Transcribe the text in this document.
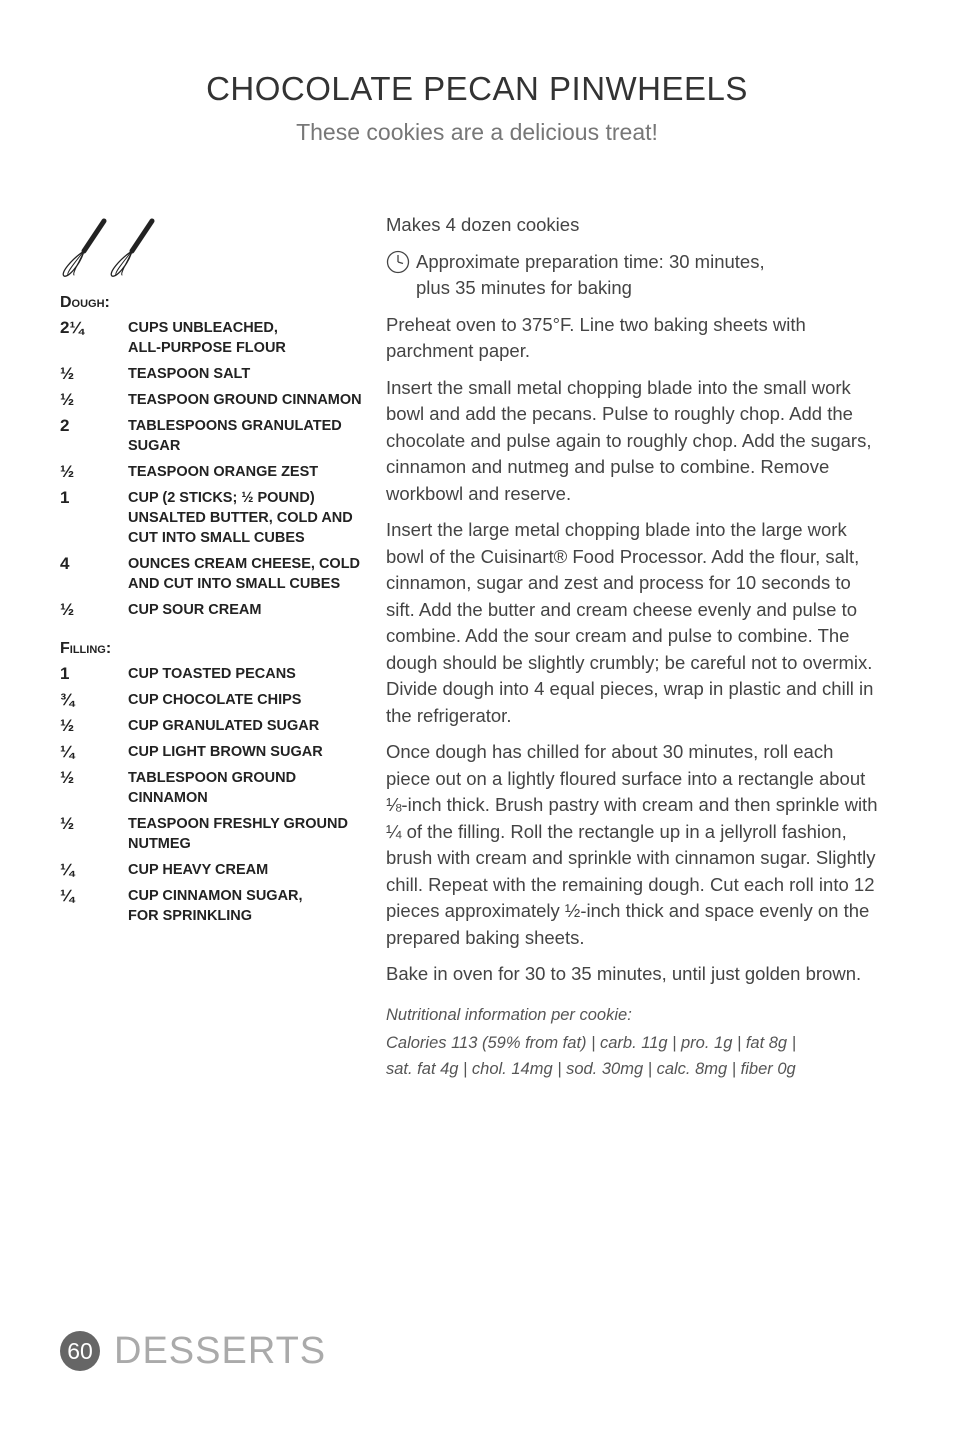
CHOCOLATE PECAN PINWHEELS

These cookies are a delicious treat!

Dough:
2¼	CUPS UNBLEACHED,
ALL-PURPOSE FLOUR
½	TEASPOON SALT
½	TEASPOON GROUND CINNAMON
2	TABLESPOONS GRANULATED
SUGAR
½	TEASPOON ORANGE ZEST
1	CUP (2 STICKS; ½ POUND)
UNSALTED BUTTER, COLD AND
CUT INTO SMALL CUBES
4	OUNCES CREAM CHEESE, COLD
AND CUT INTO SMALL CUBES
½	CUP SOUR CREAM
Filling:
1	CUP TOASTED PECANS
¾	CUP CHOCOLATE CHIPS
½	CUP GRANULATED SUGAR
¼	CUP LIGHT BROWN SUGAR
½	TABLESPOON GROUND
CINNAMON
½	TEASPOON FRESHLY GROUND
NUTMEG
¼	CUP HEAVY CREAM
¼	CUP CINNAMON SUGAR,
FOR SPRINKLING

Makes 4 dozen cookies

Approximate preparation time: 30 minutes,
plus 35 minutes for baking

Preheat oven to 375°F. Line two baking sheets with parchment paper.

Insert the small metal chopping blade into the small work bowl and add the pecans. Pulse to roughly chop. Add the chocolate and pulse again to roughly chop. Add the sugars, cinnamon and nutmeg and pulse to combine. Remove workbowl and reserve.

Insert the large metal chopping blade into the large work bowl of the Cuisinart® Food Processor. Add the flour, salt, cinnamon, sugar and zest and process for 10 seconds to sift. Add the butter and cream cheese evenly and pulse to combine. Add the sour cream and pulse to combine. The dough should be slightly crumbly; be careful not to overmix. Divide dough into 4 equal pieces, wrap in plastic and chill in the refrigerator.

Once dough has chilled for about 30 minutes, roll each piece out on a lightly floured surface into a rectangle about ⅛-inch thick. Brush pastry with cream and then sprinkle with ¼ of the filling. Roll the rectangle up in a jellyroll fashion, brush with cream and sprinkle with cinnamon sugar. Slightly chill. Repeat with the remaining dough. Cut each roll into 12 pieces approximately ½-inch thick and space evenly on the prepared baking sheets.

Bake in oven for 30 to 35 minutes, until just golden brown.

Nutritional information per cookie:

Calories 113 (59% from fat) | carb. 11g | pro. 1g | fat 8g |

sat. fat 4g | chol. 14mg | sod. 30mg | calc. 8mg | fiber 0g

60 DESSERTS
